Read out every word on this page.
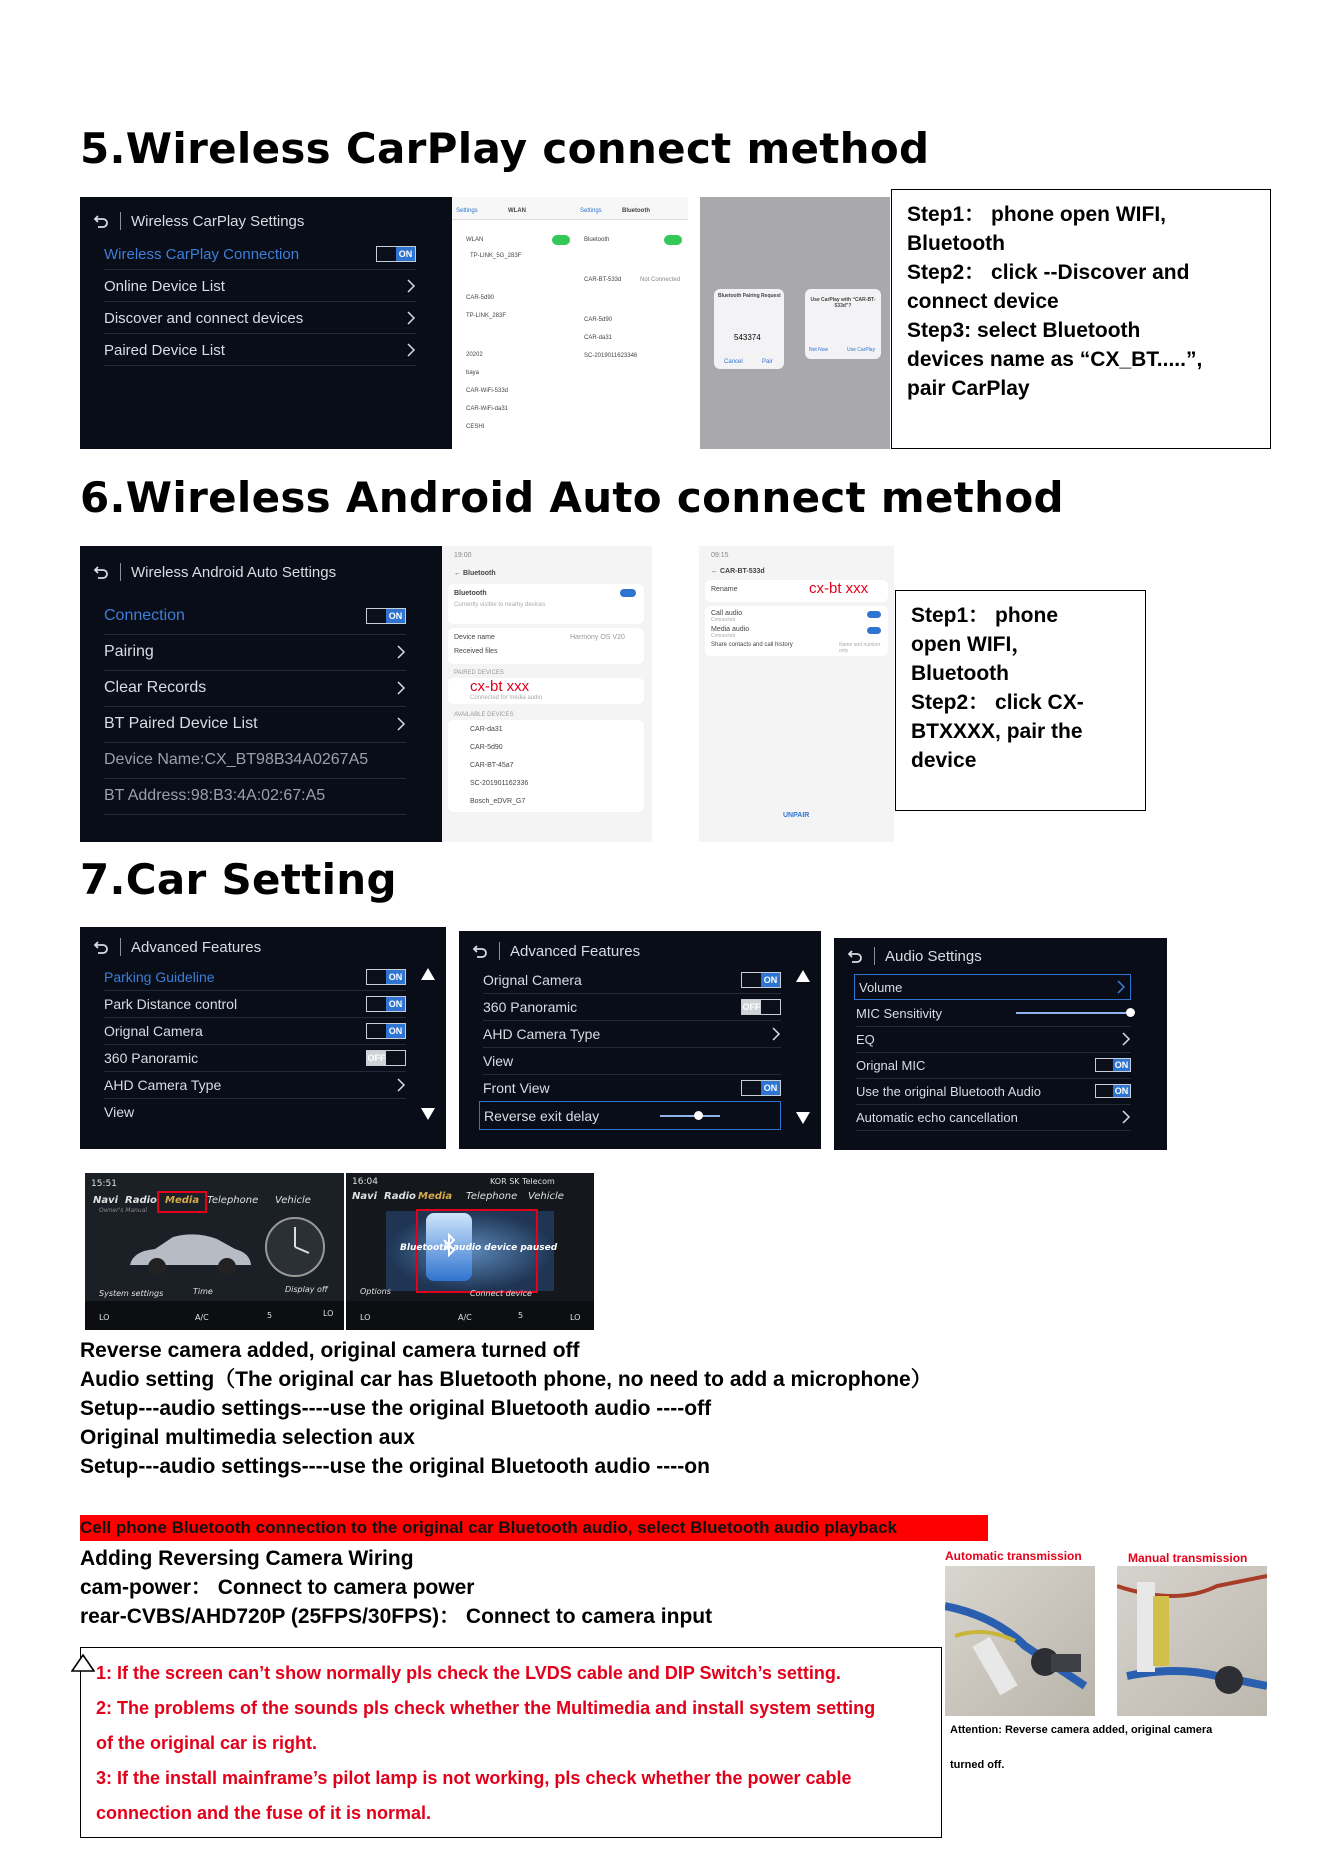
5.Wireless CarPlay connect method
Wireless CarPlay Settings
Wireless CarPlay Connection	ON
Online Device List
Discover and connect devices
Paired Device List
Settings	WLAN
WLAN
TP-LINK_5G_283F
CAR-5d90
TP-LINK_283F
20202
baya
CAR-WiFi-533d
CAR-WiFi-da31
CESHI
Settings	Bluetooth
Bluetooth
CAR-BT-533d	Not Connected
CAR-5d90
CAR-da31
SC-2019011623346
Bluetooth Pairing Request
543374
Cancel	Pair
Use CarPlay with “CAR-BT-533d”?
Not Now	Use CarPlay
Step1： phone open WIFI,
Bluetooth
Step2： click --Discover and
connect device
Step3: select Bluetooth
devices name as “CX_BT.....”,
pair CarPlay
6.Wireless Android Auto connect method
Wireless Android Auto Settings
Connection	ON
Pairing
Clear Records
BT Paired Device List
Device Name:CX_BT98B34A0267A5
BT Address:98:B3:4A:02:67:A5
19:00
← Bluetooth
Bluetooth
Currently visible to nearby devices
Device name	Harmony OS V20
Received files
PAIRED DEVICES
cx-bt xxx
Connected for media audio
AVAILABLE DEVICES
CAR-da31
CAR-5d90
CAR-BT-45a7
SC-201901162336
Bosch_eDVR_G7
09:15
← CAR-BT-533d
Rename	cx-bt xxx
Call audio
Connected
Media audio
Connected
Share contacts and call history	Name and number only
UNPAIR
Step1： phone
open WIFI，
Bluetooth
Step2： click CX-
BTXXXX, pair the
device
7.Car Setting
Advanced Features
Parking Guideline	ON
Park Distance control	ON
Orignal Camera	ON
360 Panoramic	OFF
AHD Camera Type
View
Advanced Features
Orignal Camera	ON
360 Panoramic	OFF
AHD Camera Type
View
Front View	ON
Reverse exit delay
Audio Settings
Volume
MIC Sensitivity
EQ
Orignal MIC	ON
Use the original Bluetooth Audio	ON
Automatic echo cancellation
15:51
Navi Radio Media Telephone Vehicle
Owner's Manual
System settings	Time	Display off
LO	A/C	5	LO
16:04	KOR SK Telecom
Navi Radio Media Telephone Vehicle
Bluetooth audio device paused
Options	Connect device
LO	A/C	5	LO
Reverse camera added, original camera turned off
Audio setting（The original car has Bluetooth phone, no need to add a microphone）
Setup---audio settings----use the original Bluetooth audio ----off
Original multimedia selection aux
Setup---audio settings----use the original Bluetooth audio ----on
Cell phone Bluetooth connection to the original car Bluetooth audio, select Bluetooth audio playback
Adding Reversing Camera Wiring
cam-power： Connect to camera power
rear-CVBS/AHD720P (25FPS/30FPS)： Connect to camera input
Automatic transmission	Manual transmission
Attention: Reverse camera added, original camera
turned off.
1: If the screen can’t show normally pls check the LVDS cable and DIP Switch’s setting.
2: The problems of the sounds pls check whether the Multimedia and install system setting
of the original car is right.
3: If the install mainframe’s pilot lamp is not working, pls check whether the power cable
connection and the fuse of it is normal.
